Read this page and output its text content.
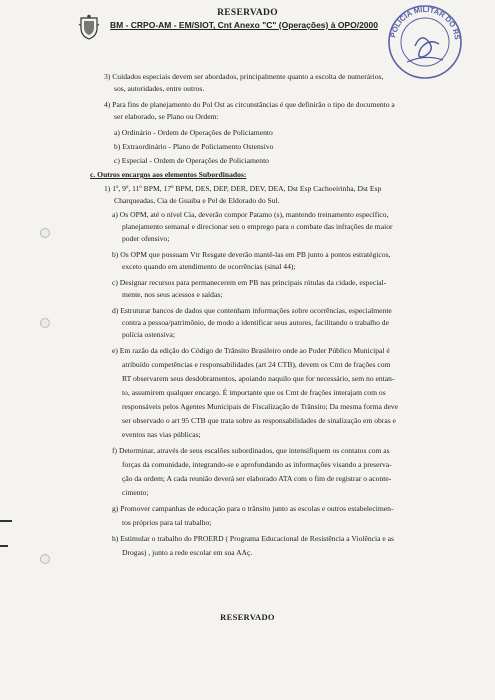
RESERVADO
BM - CRPO-AM - EM/SIOT, Cnt Anexo "C" (Operações) à OPO/2000
POLÍCIA MILITAR DO RS
3) Cuidados especiais devem ser abordados, principalmente quanto a escolta de numerários,
sos, autoridades, entre outros.
4) Para fins de planejamento do Pol Ost as circunstâncias é que definirão o tipo de documento a
ser elaborado, se Plano ou Ordem:
a) Ordinário - Ordem de Operações de Policiamento
b) Extraordinário - Plano de Policiamento Ostensivo
c) Especial - Ordem de Operações de Policiamento
c. Outros encargos aos elementos Subordinados:
1) 1º, 9º, 11º BPM, 17º BPM, DES, DEP, DER, DEV, DEA, Dst Esp Cachoeirinha, Dst Esp
Charqueadas, Cia de Guaiba e Pel de Eldorado do Sul.
a) Os OPM, até o nível Cia, deverão compor Patamo (s), mantendo treinamento específico,
planejamento semanal e direcionar seu o emprego para o combate das infrações de maior
poder ofensivo;
b) Os OPM que possuam Vtr Resgate deverão mantê-las em PB junto a pontos estratégicos,
exceto quando em atendimento de ocorrências (sinal 44);
c) Designar recursos para permanecerem em PB nas principais rótulas da cidade, especial-
mente, nos seus acessos e saídas;
d) Estruturar bancos de dados que contenham informações sobre ocorrências, especialmente
contra a pessoa/patrimônio, de modo a identificar seus autores, facilitando o trabalho de
polícia ostensiva;
e) Em razão da edição do Código de Trânsito Brasileiro onde ao Poder Público Municipal é
atribuído competências e responsabilidades (art 24 CTB), devem os Cmt de frações com
RT observarem seus desdobramentos, apoiando naquilo que for necessário, sem no entan-
to, assumirem qualquer encargo. É importante que os Cmt de frações interajam com os
responsáveis pelos Agentes Municipais de Fiscalização de Trânsito; Da mesma forma deve
ser observado o art 95 CTB que trata sobre as responsabilidades de sinalização em obras e
eventos nas vias públicas;
f) Determinar, através de seus escalões subordinados, que intensifiquem os contatos com as
forças da comunidade, integrando-se e aprofundando as informações visando a preserva-
ção da ordem; A cada reunião deverá ser elaborado ATA com o fim de registrar o aconte-
cimento;
g) Promover campanhas de educação para o trânsito junto as escolas e outros estabelecimen-
tos próprios para tal trabalho;
h) Estimular o trabalho do PROERD ( Programa Educacional de Resistência a Violência e as
Drogas) , junto a rede escolar em sua AAç.
RESERVADO
